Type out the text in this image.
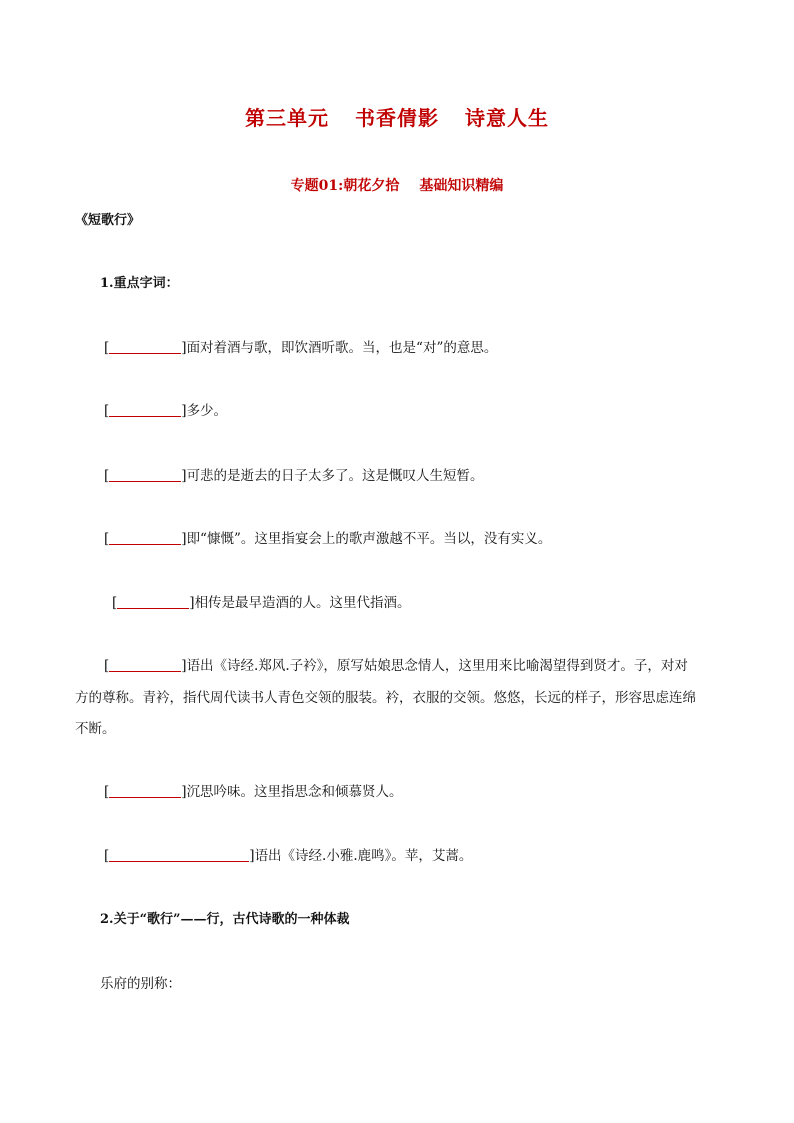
第三单元 书香倩影 诗意人生
专题01:朝花夕拾 基础知识精编
《短歌行》
1.重点字词：
[	]面对着酒与歌，即饮酒听歌。当，也是“对”的意思。
[	]多少。
[	]可悲的是逝去的日子太多了。这是慨叹人生短暂。
[	]即“慷慨”。这里指宴会上的歌声激越不平。当以，没有实义。
[	]相传是最早造酒的人。这里代指酒。
[	]语出《诗经.郑风.子衿》，原写姑娘思念情人，这里用来比喻渴望得到贤才。子，对对
方的尊称。青衿，指代周代读书人青色交领的服装。衿，衣服的交领。悠悠，长远的样子，形容思虑连绵
不断。
[	]沉思吟味。这里指思念和倾慕贤人。
[	]语出《诗经.小雅.鹿鸣》。苹，艾蒿。
2.关于“歌行”——行，古代诗歌的一种体裁
乐府的别称：
